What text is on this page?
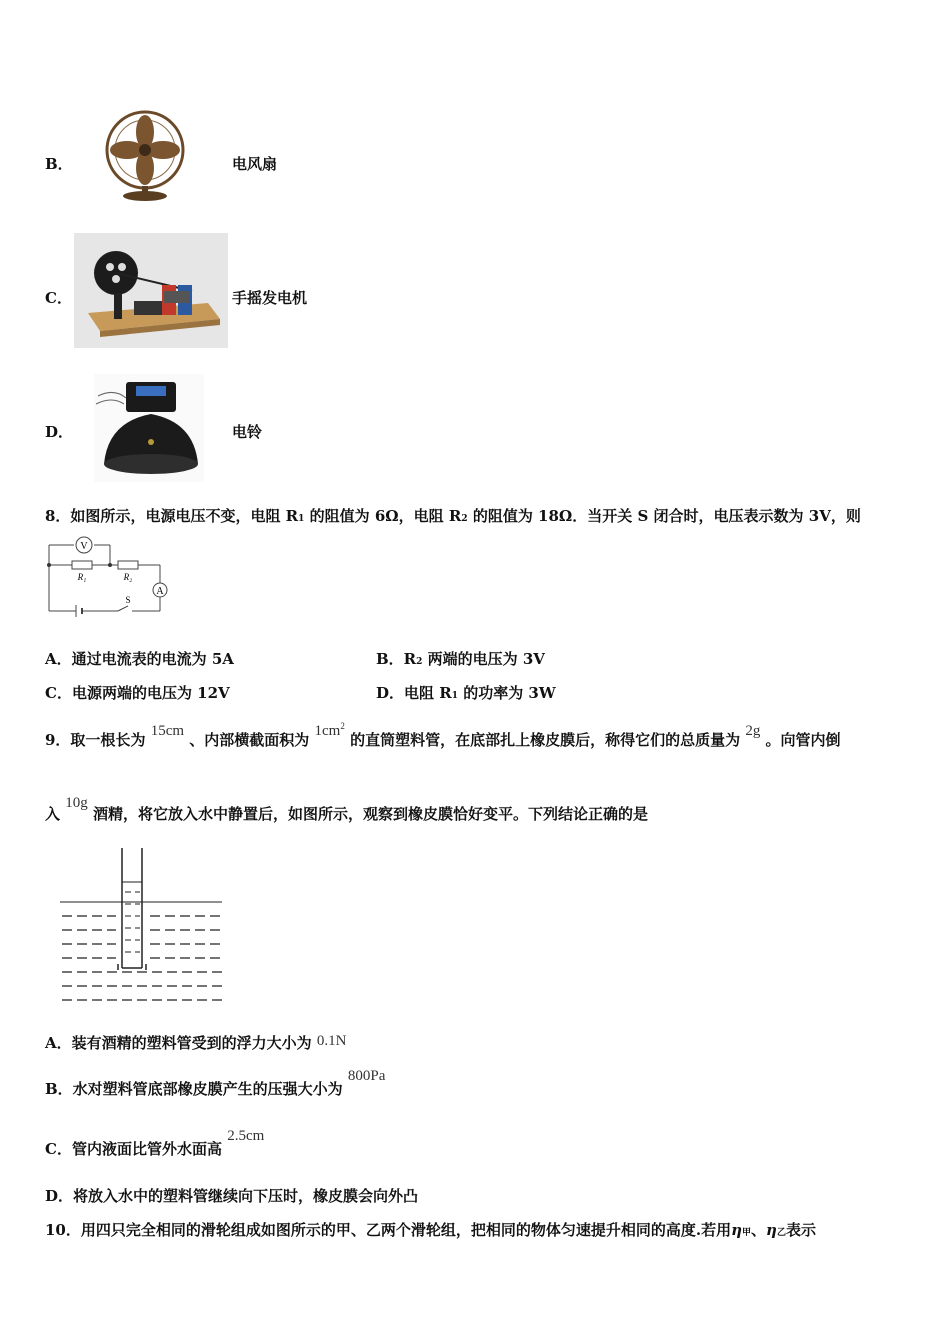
B．	电风扇
C．	手摇发电机
D．	电铃
8．如图所示，电源电压不变，电阻 R1 的阻值为 6Ω，电阻 R2 的阻值为 18Ω．当开关 S 闭合时，电压表示数为 3V，则
V
R₁	R₂
A
S
A．通过电流表的电流为 5A	B．R2 两端的电压为 3V
C．电源两端的电压为 12V	D．电阻 R1 的功率为 3W
9．取一根长为 15cm 、内部横截面积为 $1cm^2$ 的直筒塑料管，在底部扎上橡皮膜后，称得它们的总质量为 2g 。向管内倒
入 10g 酒精，将它放入水中静置后，如图所示，观察到橡皮膜恰好变平。下列结论正确的是
A．装有酒精的塑料管受到的浮力大小为 0.1N
B．水对塑料管底部橡皮膜产生的压强大小为 800Pa
C．管内液面比管外水面高 2.5cm
D．将放入水中的塑料管继续向下压时，橡皮膜会向外凸
10．用四只完全相同的滑轮组成如图所示的甲、乙两个滑轮组，把相同的物体匀速提升相同的高度.若用η甲、η乙表示
